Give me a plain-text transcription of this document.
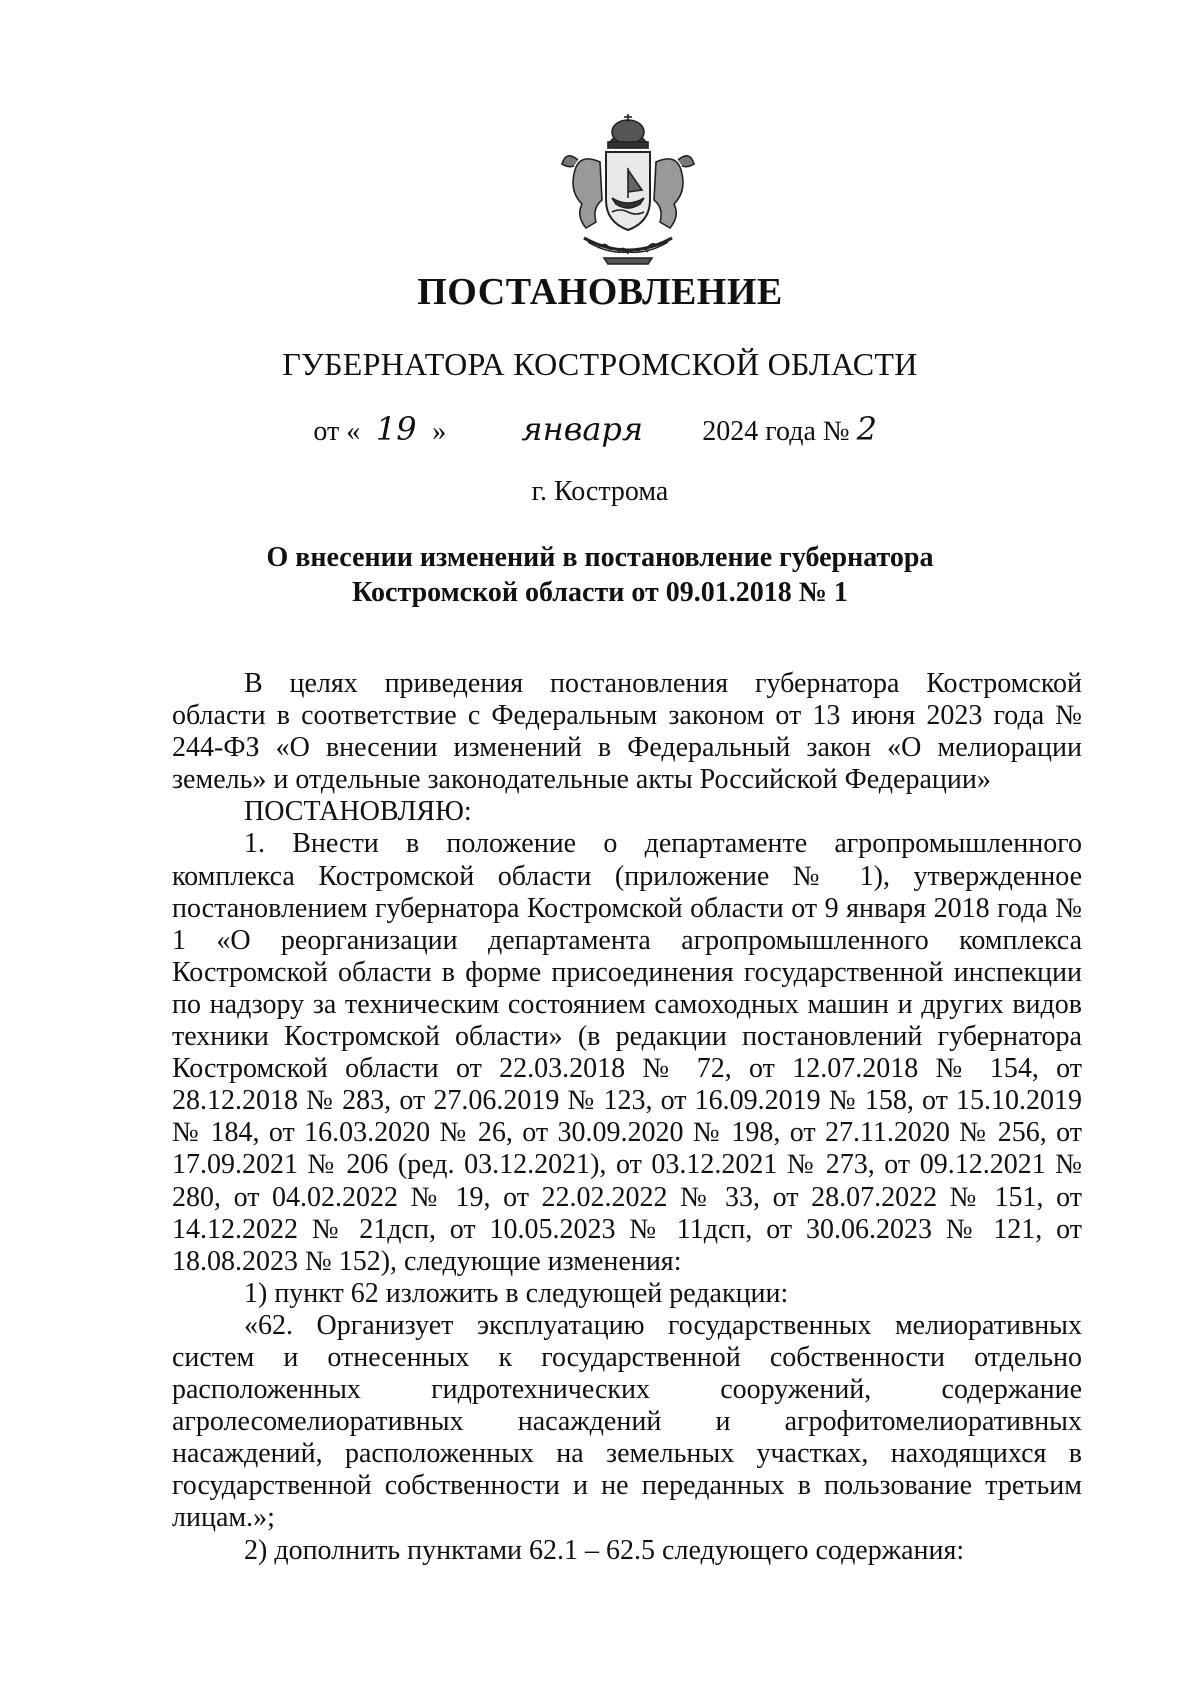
ПОСТАНОВЛЕНИЕ
ГУБЕРНАТОРА КОСТРОМСКОЙ ОБЛАСТИ
от « 19 » января 2024 года № 2
г. Кострома
О внесении изменений в постановление губернатора
Костромской области от 09.01.2018 № 1

В целях приведения постановления губернатора Костромской области в соответствие с Федеральным законом от 13 июня 2023 года № 244-ФЗ «О внесении изменений в Федеральный закон «О мелиорации земель» и отдельные законодательные акты Российской Федерации»

ПОСТАНОВЛЯЮ:

1. Внести в положение о департаменте агропромышленного комплекса Костромской области (приложение № 1), утвержденное постановлением губернатора Костромской области от 9 января 2018 года № 1 «О реорганизации департамента агропромышленного комплекса Костромской области в форме присоединения государственной инспекции по надзору за техническим состоянием самоходных машин и других видов техники Костромской области» (в редакции постановлений губернатора Костромской области от 22.03.2018 № 72, от 12.07.2018 № 154, от 28.12.2018 № 283, от 27.06.2019 № 123, от 16.09.2019 № 158, от 15.10.2019 № 184, от 16.03.2020 № 26, от 30.09.2020 № 198, от 27.11.2020 № 256, от 17.09.2021 № 206 (ред. 03.12.2021), от 03.12.2021 № 273, от 09.12.2021 № 280, от 04.02.2022 № 19, от 22.02.2022 № 33, от 28.07.2022 № 151, от 14.12.2022 № 21дсп, от 10.05.2023 № 11дсп, от 30.06.2023 № 121, от 18.08.2023 № 152), следующие изменения:

1) пункт 62 изложить в следующей редакции:

«62. Организует эксплуатацию государственных мелиоративных систем и отнесенных к государственной собственности отдельно расположенных гидротехнических сооружений, содержание агролесомелиоративных насаждений и агрофитомелиоративных насаждений, расположенных на земельных участках, находящихся в государственной собственности и не переданных в пользование третьим лицам.»;

2) дополнить пунктами 62.1 – 62.5 следующего содержания:
